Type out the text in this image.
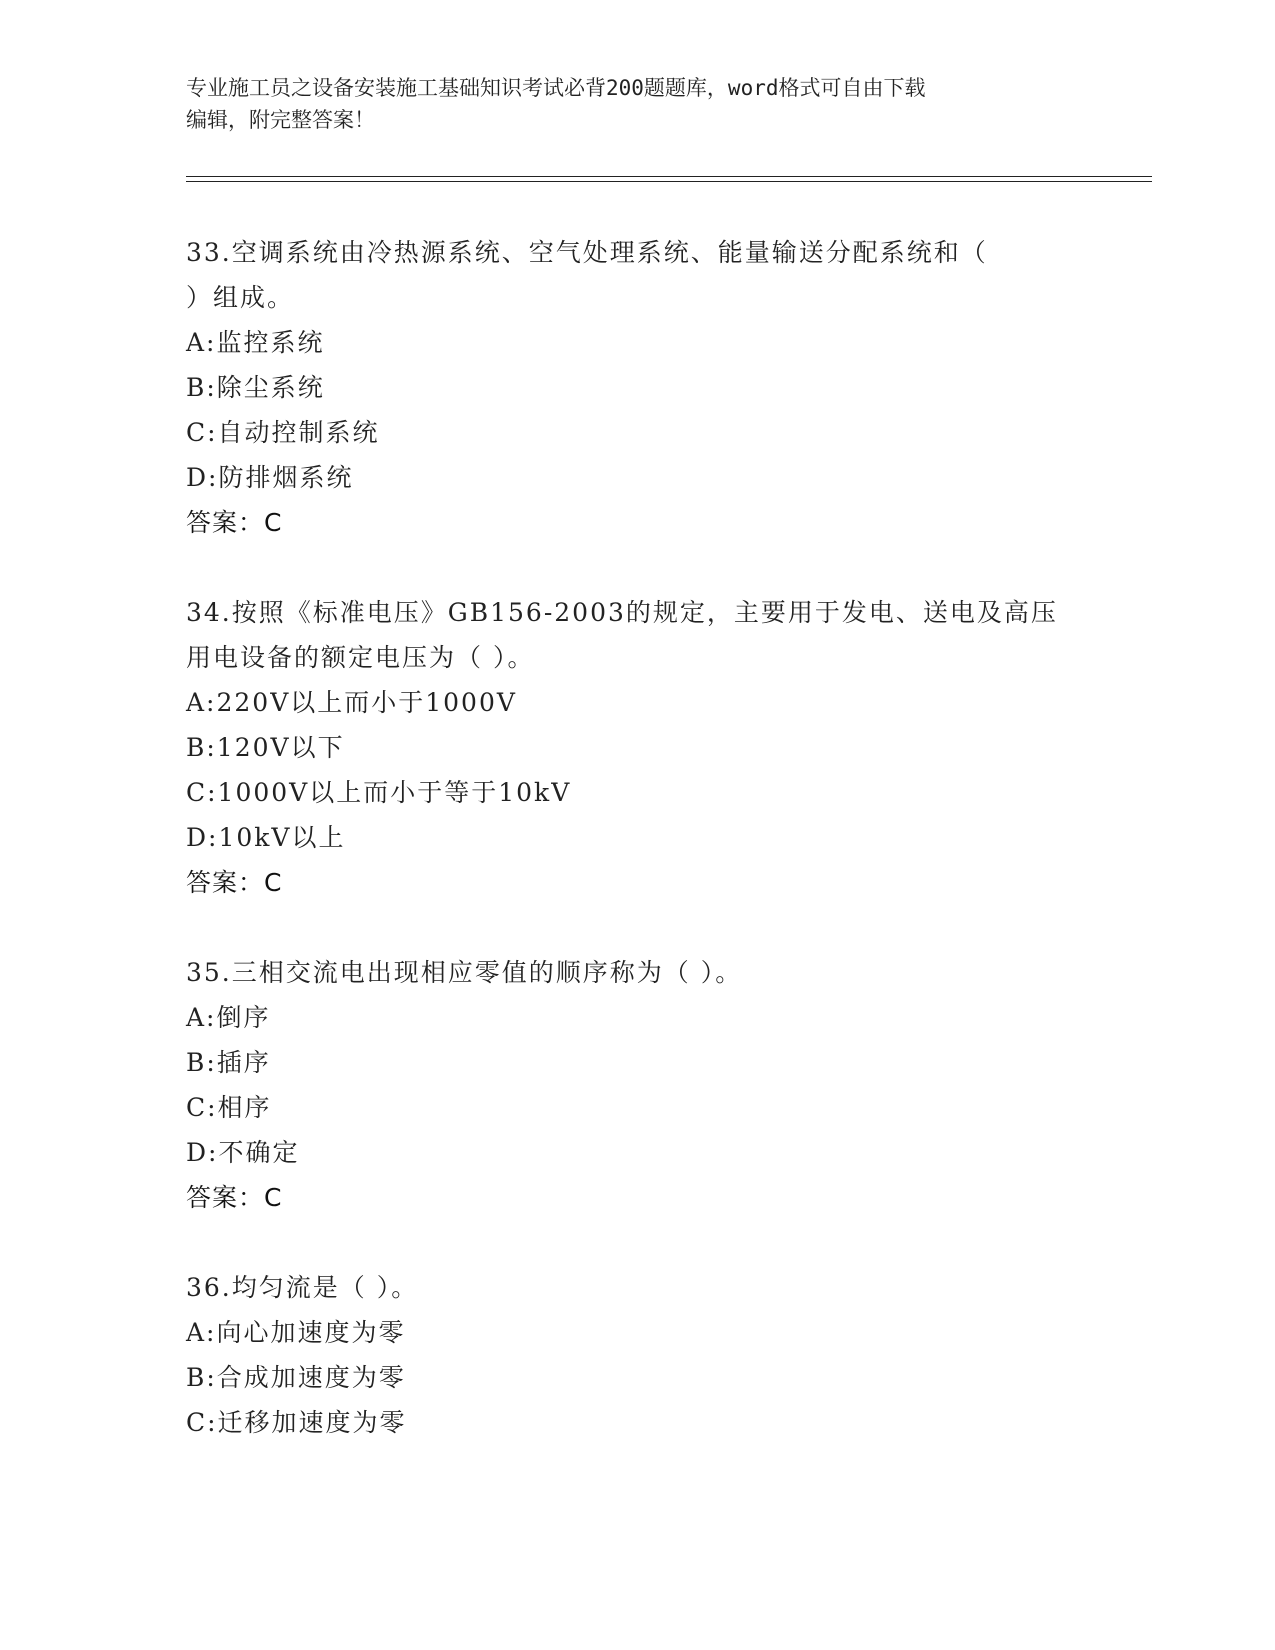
专业施工员之设备安装施工基础知识考试必背200题题库，word格式可自由下载
编辑，附完整答案！
33.空调系统由冷热源系统、空气处理系统、能量输送分配系统和（
）组成。
A:监控系统
B:除尘系统
C:自动控制系统
D:防排烟系统
答案：C
34.按照《标准电压》GB156-2003的规定，主要用于发电、送电及高压
用电设备的额定电压为（ ）。
A:220V以上而小于1000V
B:120V以下
C:1000V以上而小于等于10kV
D:10kV以上
答案：C
35.三相交流电出现相应零值的顺序称为（ ）。
A:倒序
B:插序
C:相序
D:不确定
答案：C
36.均匀流是（ ）。
A:向心加速度为零
B:合成加速度为零
C:迁移加速度为零
